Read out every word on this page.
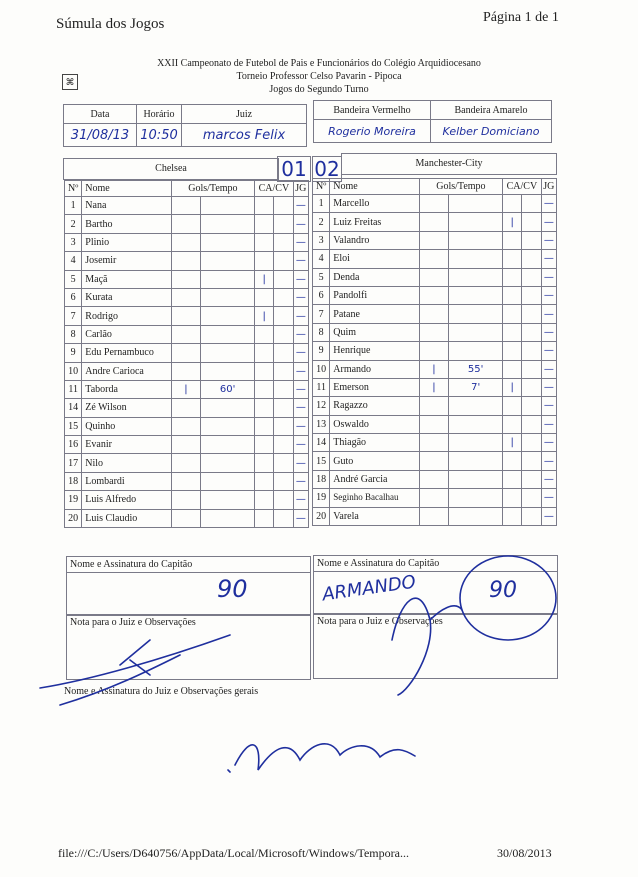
Súmula dos Jogos	Página 1 de 1
XXII Campeonato de Futebol de Pais e Funcionários do Colégio Arquidiocesano
Torneio Professor Celso Pavarin - Pipoca
Jogos do Segundo Turno
⌘
Data	Horário	Juiz
31/08/13	10:50	marcos Felix
Bandeira Vermelho	Bandeira Amarelo
Rogerio Moreira	Kelber Domiciano
Chelsea	01	Manchester-City
02
Nº	Nome	Gols/Tempo		CA/CV		JG
1	Nana					—
2	Bartho					—
3	Plinio					—
4	Josemir					—
5	Maçã			|		—
6	Kurata					—
7	Rodrigo			|		—
8	Carlão					—
9	Edu Pernambuco					—
10	Andre Carioca					—
11	Taborda	|	60'			—
14	Zé Wilson					—
15	Quinho					—
16	Evanir					—
17	Nilo					—
18	Lombardi					—
19	Luis Alfredo					—
20	Luis Claudio					—
Nº	Nome	Gols/Tempo		CA/CV		JG
1	Marcello					—
2	Luiz Freitas			|		—
3	Valandro					—
4	Eloi					—
5	Denda					—
6	Pandolfi					—
7	Patane					—
8	Quim					—
9	Henrique					—
10	Armando	|	55'			—
11	Emerson	|	7'	|		—
12	Ragazzo					—
13	Oswaldo					—
14	Thiagão			|		—
15	Guto					—
18	André Garcia					—
19	Seginho Bacalhau					—
20	Varela					—
Nome e Assinatura do Capitão
90
Nome e Assinatura do Capitão
ARMANDO	90
Nota para o Juiz e Observações	Nota para o Juiz e Observações
Nome e Assinatura do Juiz e Observações gerais
file:///C:/Users/D640756/AppData/Local/Microsoft/Windows/Tempora...	30/08/2013
